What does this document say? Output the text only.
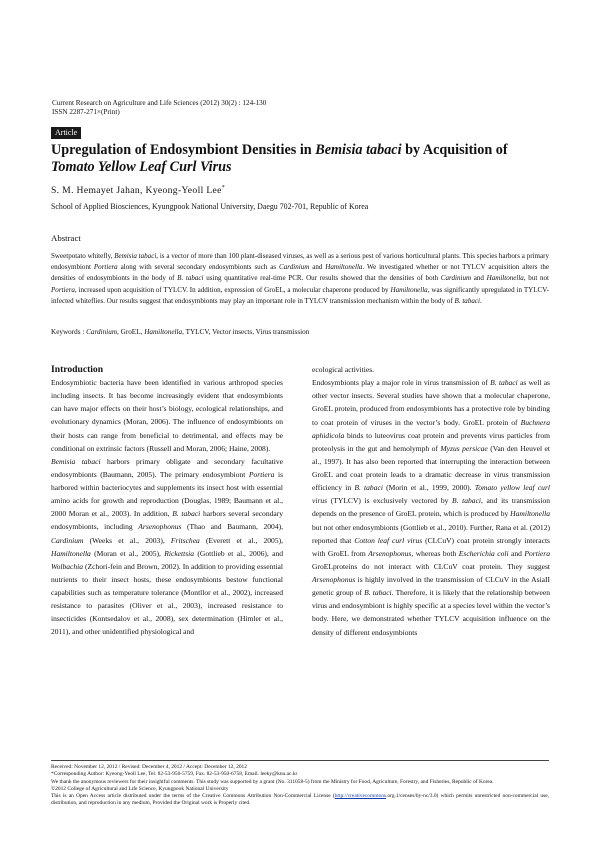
Current Research on Agriculture and Life Sciences (2012) 30(2) : 124-130
ISSN 2287-271×(Print)
Article
Upregulation of Endosymbiont Densities in Bemisia tabaci by Acquisition of
Tomato Yellow Leaf Curl Virus
S. M. Hemayet Jahan, Kyeong-Yeoll Lee*
School of Applied Biosciences, Kyungpook National University, Daegu 702-701, Republic of Korea
Abstract
Sweetpotato whitefly, Bemisia tabaci, is a vector of more than 100 plant-diseased viruses, as well as a serious pest of various horticultural plants. This species harbors a primary endosymbiont Portiera along with several secondary endosymbionts such as Cardinium and Hamiltonella. We investigated whether or not TYLCV acquisition alters the densities of endosymbionts in the body of B. tabaci using quantitative real-time PCR. Our results showed that the densities of both Cardinium and Hamiltonella, but not Portiera, increased upon acquisition of TYLCV. In addition, expression of GroEL, a molecular chaperone produced by Hamiltonella, was significantly upregulated in TYLCV-infected whiteflies. Our results suggest that endosymbionts may play an important role in TYLCV transmission mechanism within the body of B. tabaci.
Keywords : Cardinium, GroEL, Hamiltonella, TYLCV, Vector insects, Virus transmission
Introduction

Endosymbiotic bacteria have been identified in various arthropod species including insects. It has become increasingly evident that endosymbionts can have major effects on their host’s biology, ecological relationships, and evolutionary dynamics (Moran, 2006). The influence of endosymbionts on their hosts can range from beneficial to detrimental, and effects may be conditional on extrinsic factors (Russell and Moran, 2006; Haine, 2008).

Bemisia tabaci harbors primary obligate and secondary facultative endosymbionts (Baumann, 2005). The primary endosymbiont Portiera is harbored within bacteriocytes and supplements its insect host with essential amino acids for growth and reproduction (Douglas, 1989; Baumann et al., 2000 Moran et al., 2003). In addition, B. tabaci harbors several secondary endosymbionts, including Arsenophonus (Thao and Baumann, 2004), Cardinium (Weeks et al., 2003), Fritschea (Everett et al., 2005), Hamiltonella (Moran et al., 2005), Rickettsia (Gottlieb et al., 2006), and Wolbachia (Zchori-fein and Brown, 2002). In addition to providing essential nutrients to their insect hosts, these endosymbionts bestow functional capabilities such as temperature tolerance (Montllor et al., 2002), increased resistance to parasites (Oliver et al., 2003), increased resistance to insecticides (Kontsedalov et al., 2008), sex determination (Himler et al., 2011), and other unidentified physiological and

ecological activities.

Endosymbionts play a major role in virus transmission of B. tabaci as well as other vector insects. Several studies have shown that a molecular chaperone, GroEL protein, produced from endosymbionts has a protective role by binding to coat protein of viruses in the vector’s body. GroEL protein of Buchnera aphidicola binds to luteovirus coat protein and prevents virus particles from proteolysis in the gut and hemolymph of Myzus persicae (Van den Heuvel et al., 1997). It has also been reported that interrupting the interaction between GroEL and coat protein leads to a dramatic decrease in virus transmission efficiency in B. tabaci (Morin et al., 1999, 2000). Tomato yellow leaf curl virus (TYLCV) is exclusively vectored by B. tabaci, and its transmission depends on the presence of GroEL protein, which is produced by Hamiltonella but not other endosymbionts (Gottlieb et al., 2010). Further, Rana et al. (2012) reported that Cotton leaf curl virus (CLCuV) coat protein strongly interacts with GroEL from Arsenophonus, whereas both Escherichia coli and Portiera GroELproteins do not interact with CLCuV coat protein. They suggest Arsenophonus is highly involved in the transmission of CLCuV in the AsiaII genetic group of B. tabaci. Therefore, it is likely that the relationship between virus and endosymbiont is highly specific at a species level within the vector’s body. Here, we demonstrated whether TYLCV acquisition influence on the density of different endosymbionts

Received: November 12, 2012 / Revised: December 4, 2012 / Accept: December 12, 2012

*Corresponding Author: Kyeong-Yeoll Lee, Tel. 82-53-950-5759, Fax. 82-53-950-6758, Email. leeky@knu.ac.kr

We thank the anonymous reviewers for their insightful comments. This study was supported by a grant (No. 311058-5) from the Ministry for Food, Agriculture, Forestry, and Fisheries, Republic of Korea.

©2012 College of Agricultural and Life Science, Kyungpook National University

This is an Open Access article distributed under the terms of the Creative Commons Attribution Non-Commercial License (http://creativecommons.org.1/censes/by-nc/3.0) which permits unrestricted non-commercial use, distribution, and reproduction in any medium, Provided the Original work is Properly cited.
